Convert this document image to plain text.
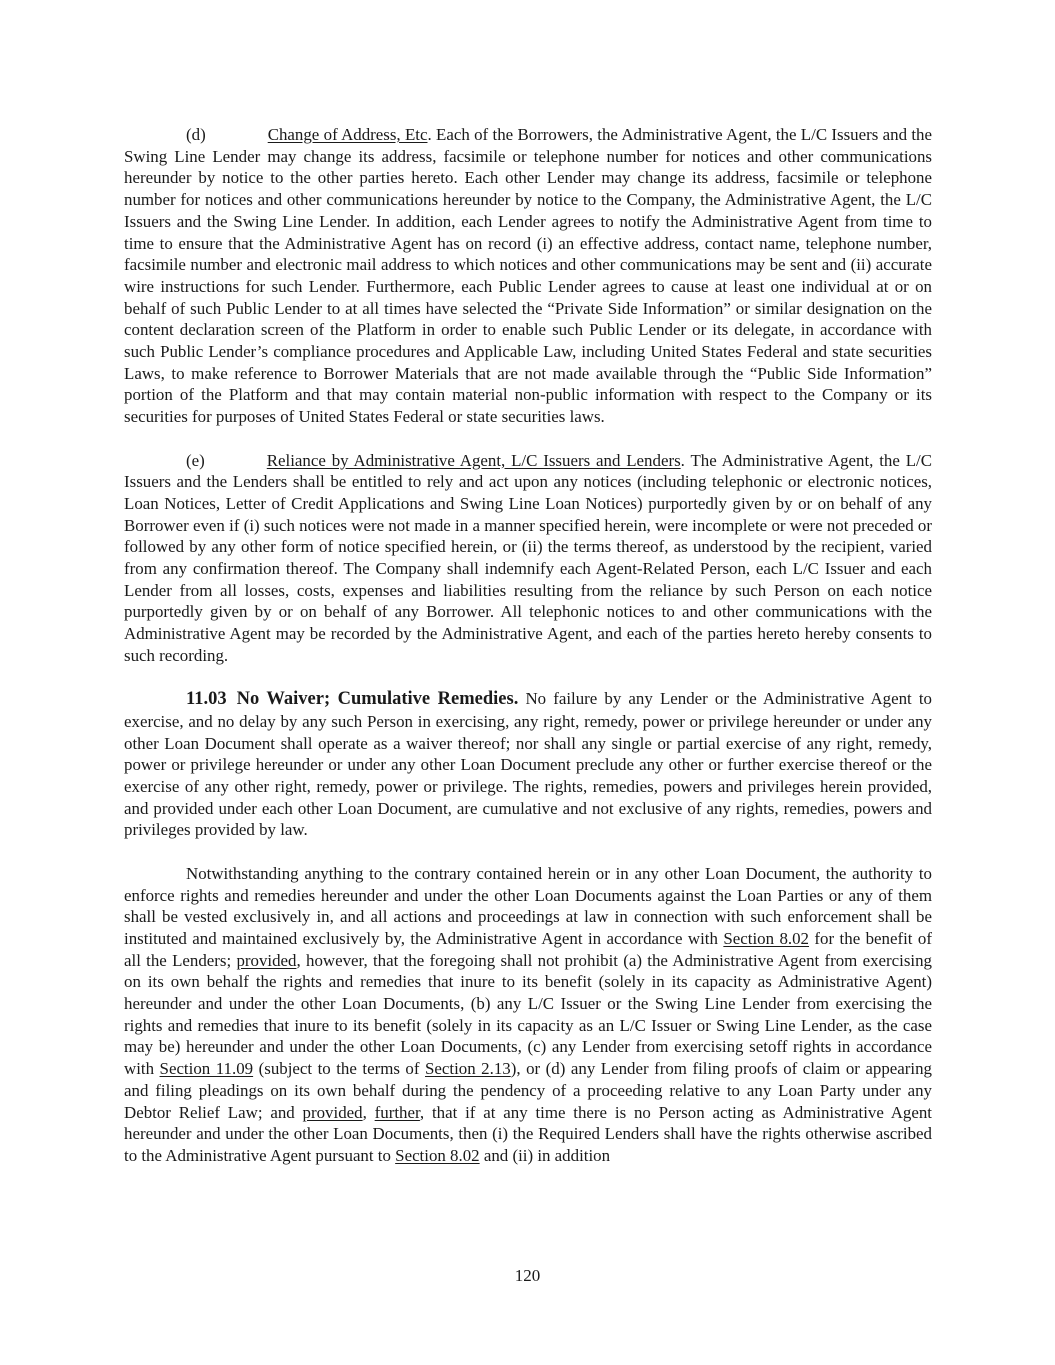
(d)	Change of Address, Etc. Each of the Borrowers, the Administrative Agent, the L/C Issuers and the Swing Line Lender may change its address, facsimile or telephone number for notices and other communications hereunder by notice to the other parties hereto. Each other Lender may change its address, facsimile or telephone number for notices and other communications hereunder by notice to the Company, the Administrative Agent, the L/C Issuers and the Swing Line Lender. In addition, each Lender agrees to notify the Administrative Agent from time to time to ensure that the Administrative Agent has on record (i) an effective address, contact name, telephone number, facsimile number and electronic mail address to which notices and other communications may be sent and (ii) accurate wire instructions for such Lender. Furthermore, each Public Lender agrees to cause at least one individual at or on behalf of such Public Lender to at all times have selected the “Private Side Information” or similar designation on the content declaration screen of the Platform in order to enable such Public Lender or its delegate, in accordance with such Public Lender’s compliance procedures and Applicable Law, including United States Federal and state securities Laws, to make reference to Borrower Materials that are not made available through the “Public Side Information” portion of the Platform and that may contain material non-public information with respect to the Company or its securities for purposes of United States Federal or state securities laws.

(e)	Reliance by Administrative Agent, L/C Issuers and Lenders. The Administrative Agent, the L/C Issuers and the Lenders shall be entitled to rely and act upon any notices (including telephonic or electronic notices, Loan Notices, Letter of Credit Applications and Swing Line Loan Notices) purportedly given by or on behalf of any Borrower even if (i) such notices were not made in a manner specified herein, were incomplete or were not preceded or followed by any other form of notice specified herein, or (ii) the terms thereof, as understood by the recipient, varied from any confirmation thereof. The Company shall indemnify each Agent-Related Person, each L/C Issuer and each Lender from all losses, costs, expenses and liabilities resulting from the reliance by such Person on each notice purportedly given by or on behalf of any Borrower. All telephonic notices to and other communications with the Administrative Agent may be recorded by the Administrative Agent, and each of the parties hereto hereby consents to such recording.

11.03 No Waiver; Cumulative Remedies. No failure by any Lender or the Administrative Agent to exercise, and no delay by any such Person in exercising, any right, remedy, power or privilege hereunder or under any other Loan Document shall operate as a waiver thereof; nor shall any single or partial exercise of any right, remedy, power or privilege hereunder or under any other Loan Document preclude any other or further exercise thereof or the exercise of any other right, remedy, power or privilege. The rights, remedies, powers and privileges herein provided, and provided under each other Loan Document, are cumulative and not exclusive of any rights, remedies, powers and privileges provided by law.

Notwithstanding anything to the contrary contained herein or in any other Loan Document, the authority to enforce rights and remedies hereunder and under the other Loan Documents against the Loan Parties or any of them shall be vested exclusively in, and all actions and proceedings at law in connection with such enforcement shall be instituted and maintained exclusively by, the Administrative Agent in accordance with Section 8.02 for the benefit of all the Lenders; provided, however, that the foregoing shall not prohibit (a) the Administrative Agent from exercising on its own behalf the rights and remedies that inure to its benefit (solely in its capacity as Administrative Agent) hereunder and under the other Loan Documents, (b) any L/C Issuer or the Swing Line Lender from exercising the rights and remedies that inure to its benefit (solely in its capacity as an L/C Issuer or Swing Line Lender, as the case may be) hereunder and under the other Loan Documents, (c) any Lender from exercising setoff rights in accordance with Section 11.09 (subject to the terms of Section 2.13), or (d) any Lender from filing proofs of claim or appearing and filing pleadings on its own behalf during the pendency of a proceeding relative to any Loan Party under any Debtor Relief Law; and provided, further, that if at any time there is no Person acting as Administrative Agent hereunder and under the other Loan Documents, then (i) the Required Lenders shall have the rights otherwise ascribed to the Administrative Agent pursuant to Section 8.02 and (ii) in addition

120
